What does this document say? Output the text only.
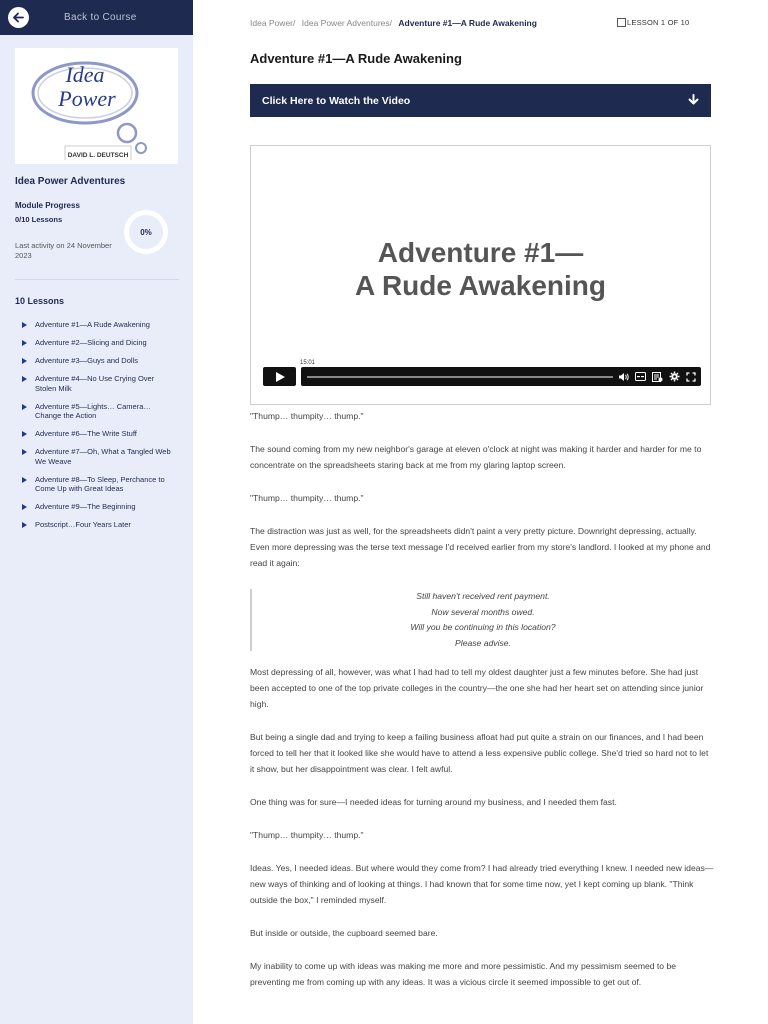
Back to Course
Idea
Power
DAVID L. DEUTSCH
Idea Power Adventures
Module Progress
0/10 Lessons
Last activity on 24 November 2023
0%
10 Lessons
Adventure #1—A Rude Awakening
Adventure #2—Slicing and Dicing
Adventure #3—Guys and Dolls
Adventure #4—No Use Crying Over Stolen Milk
Adventure #5—Lights… Camera… Change the Action
Adventure #6—The Write Stuff
Adventure #7—Oh, What a Tangled Web We Weave
Adventure #8—To Sleep, Perchance to Come Up with Great Ideas
Adventure #9—The Beginning
Postscript…Four Years Later
Idea Power/ Idea Power Adventures/ Adventure #1—A Rude Awakening	LESSON 1 OF 10
Adventure #1—A Rude Awakening
Click Here to Watch the Video
Adventure #1—
A Rude Awakening
15:01

"Thump… thumpity… thump."

The sound coming from my new neighbor's garage at eleven o'clock at night was making it harder and harder for me to concentrate on the spreadsheets staring back at me from my glaring laptop screen.

"Thump… thumpity… thump."

The distraction was just as well, for the spreadsheets didn't paint a very pretty picture. Downright depressing, actually. Even more depressing was the terse text message I'd received earlier from my store's landlord. I looked at my phone and read it again:

Still haven't received rent payment.
Now several months owed.
Will you be continuing in this location?
Please advise.

Most depressing of all, however, was what I had had to tell my oldest daughter just a few minutes before. She had just been accepted to one of the top private colleges in the country—the one she had her heart set on attending since junior high.

But being a single dad and trying to keep a failing business afloat had put quite a strain on our finances, and I had been forced to tell her that it looked like she would have to attend a less expensive public college. She'd tried so hard not to let it show, but her disappointment was clear. I felt awful.

One thing was for sure—I needed ideas for turning around my business, and I needed them fast.

"Thump… thumpity… thump."

Ideas. Yes, I needed ideas. But where would they come from? I had already tried everything I knew. I needed new ideas—new ways of thinking and of looking at things. I had known that for some time now, yet I kept coming up blank. "Think outside the box," I reminded myself.

But inside or outside, the cupboard seemed bare.

My inability to come up with ideas was making me more and more pessimistic. And my pessimism seemed to be preventing me from coming up with any ideas. It was a vicious circle it seemed impossible to get out of.
